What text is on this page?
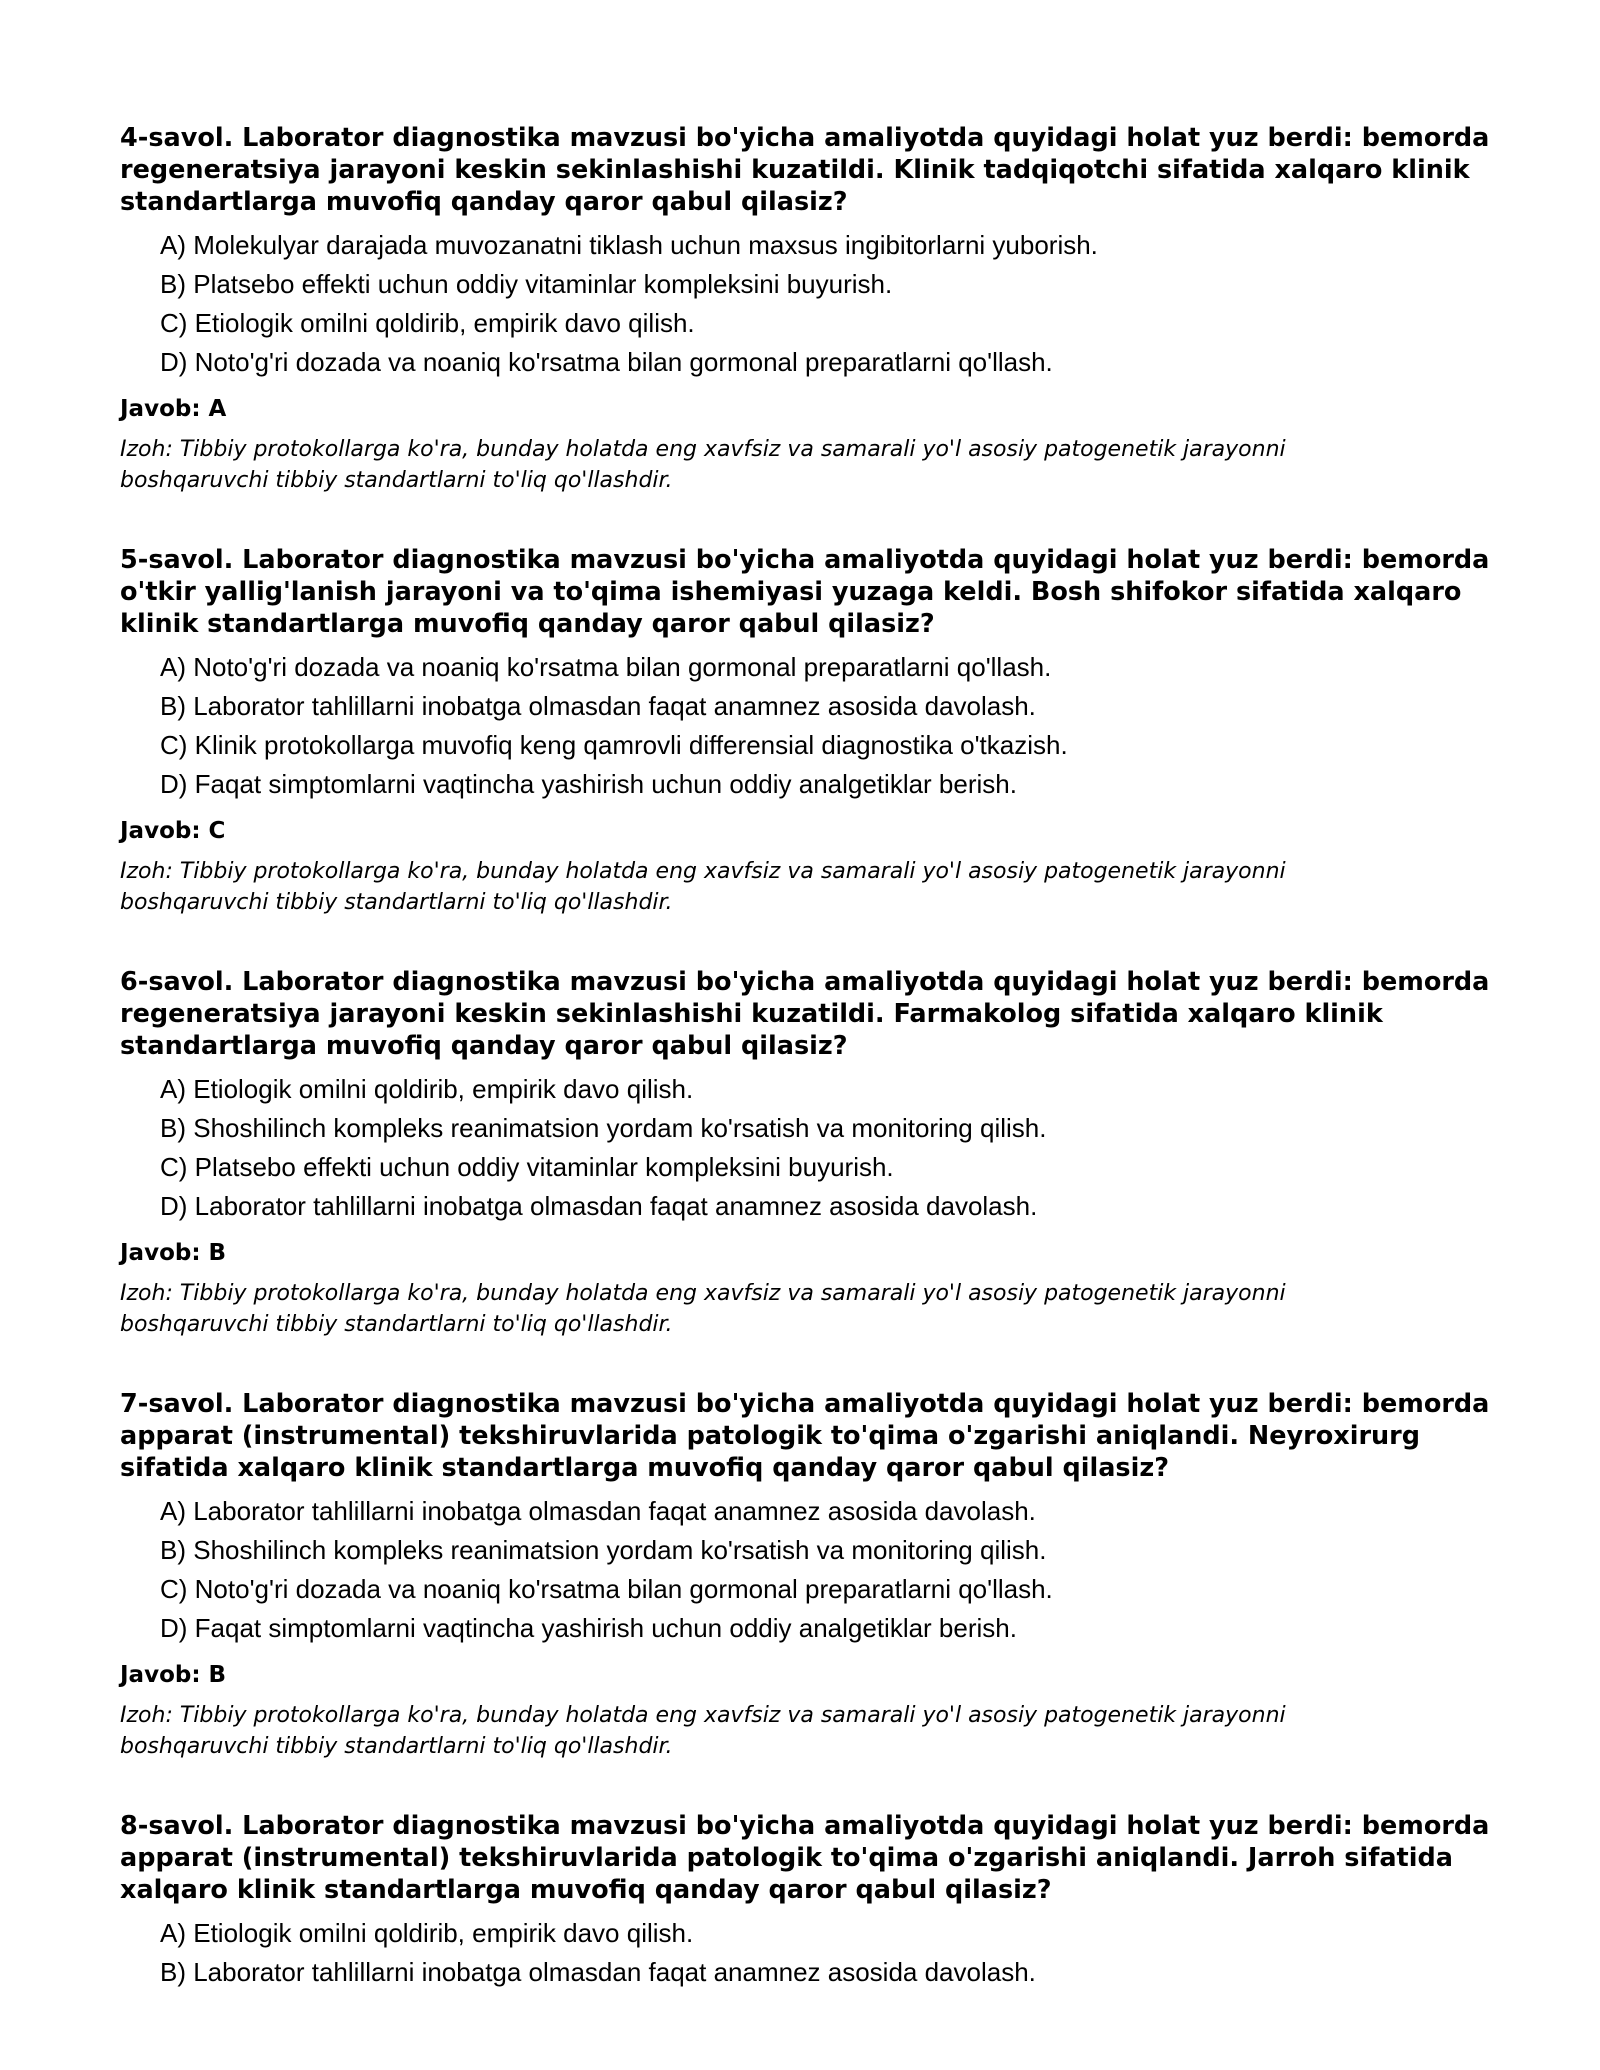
4-savol. Laborator diagnostika mavzusi bo'yicha amaliyotda quyidagi holat yuz berdi: bemorda regeneratsiya jarayoni keskin sekinlashishi kuzatildi. Klinik tadqiqotchi sifatida xalqaro klinik standartlarga muvofiq qanday qaror qabul qilasiz?

A) Molekulyar darajada muvozanatni tiklash uchun maxsus ingibitorlarni yuborish.
B) Platsebo effekti uchun oddiy vitaminlar kompleksini buyurish.
C) Etiologik omilni qoldirib, empirik davo qilish.
D) Noto'g'ri dozada va noaniq ko'rsatma bilan gormonal preparatlarni qo'llash.

Javob: A

Izoh: Tibbiy protokollarga ko'ra, bunday holatda eng xavfsiz va samarali yo'l asosiy patogenetik jarayonni boshqaruvchi tibbiy standartlarni to'liq qo'llashdir.

5-savol. Laborator diagnostika mavzusi bo'yicha amaliyotda quyidagi holat yuz berdi: bemorda o'tkir yallig'lanish jarayoni va to'qima ishemiyasi yuzaga keldi. Bosh shifokor sifatida xalqaro klinik standartlarga muvofiq qanday qaror qabul qilasiz?

A) Noto'g'ri dozada va noaniq ko'rsatma bilan gormonal preparatlarni qo'llash.
B) Laborator tahlillarni inobatga olmasdan faqat anamnez asosida davolash.
C) Klinik protokollarga muvofiq keng qamrovli differensial diagnostika o'tkazish.
D) Faqat simptomlarni vaqtincha yashirish uchun oddiy analgetiklar berish.

Javob: C

Izoh: Tibbiy protokollarga ko'ra, bunday holatda eng xavfsiz va samarali yo'l asosiy patogenetik jarayonni boshqaruvchi tibbiy standartlarni to'liq qo'llashdir.

6-savol. Laborator diagnostika mavzusi bo'yicha amaliyotda quyidagi holat yuz berdi: bemorda regeneratsiya jarayoni keskin sekinlashishi kuzatildi. Farmakolog sifatida xalqaro klinik standartlarga muvofiq qanday qaror qabul qilasiz?

A) Etiologik omilni qoldirib, empirik davo qilish.
B) Shoshilinch kompleks reanimatsion yordam ko'rsatish va monitoring qilish.
C) Platsebo effekti uchun oddiy vitaminlar kompleksini buyurish.
D) Laborator tahlillarni inobatga olmasdan faqat anamnez asosida davolash.

Javob: B

Izoh: Tibbiy protokollarga ko'ra, bunday holatda eng xavfsiz va samarali yo'l asosiy patogenetik jarayonni boshqaruvchi tibbiy standartlarni to'liq qo'llashdir.

7-savol. Laborator diagnostika mavzusi bo'yicha amaliyotda quyidagi holat yuz berdi: bemorda apparat (instrumental) tekshiruvlarida patologik to'qima o'zgarishi aniqlandi. Neyroxirurg sifatida xalqaro klinik standartlarga muvofiq qanday qaror qabul qilasiz?

A) Laborator tahlillarni inobatga olmasdan faqat anamnez asosida davolash.
B) Shoshilinch kompleks reanimatsion yordam ko'rsatish va monitoring qilish.
C) Noto'g'ri dozada va noaniq ko'rsatma bilan gormonal preparatlarni qo'llash.
D) Faqat simptomlarni vaqtincha yashirish uchun oddiy analgetiklar berish.

Javob: B

Izoh: Tibbiy protokollarga ko'ra, bunday holatda eng xavfsiz va samarali yo'l asosiy patogenetik jarayonni boshqaruvchi tibbiy standartlarni to'liq qo'llashdir.

8-savol. Laborator diagnostika mavzusi bo'yicha amaliyotda quyidagi holat yuz berdi: bemorda apparat (instrumental) tekshiruvlarida patologik to'qima o'zgarishi aniqlandi. Jarroh sifatida xalqaro klinik standartlarga muvofiq qanday qaror qabul qilasiz?

A) Etiologik omilni qoldirib, empirik davo qilish.
B) Laborator tahlillarni inobatga olmasdan faqat anamnez asosida davolash.
